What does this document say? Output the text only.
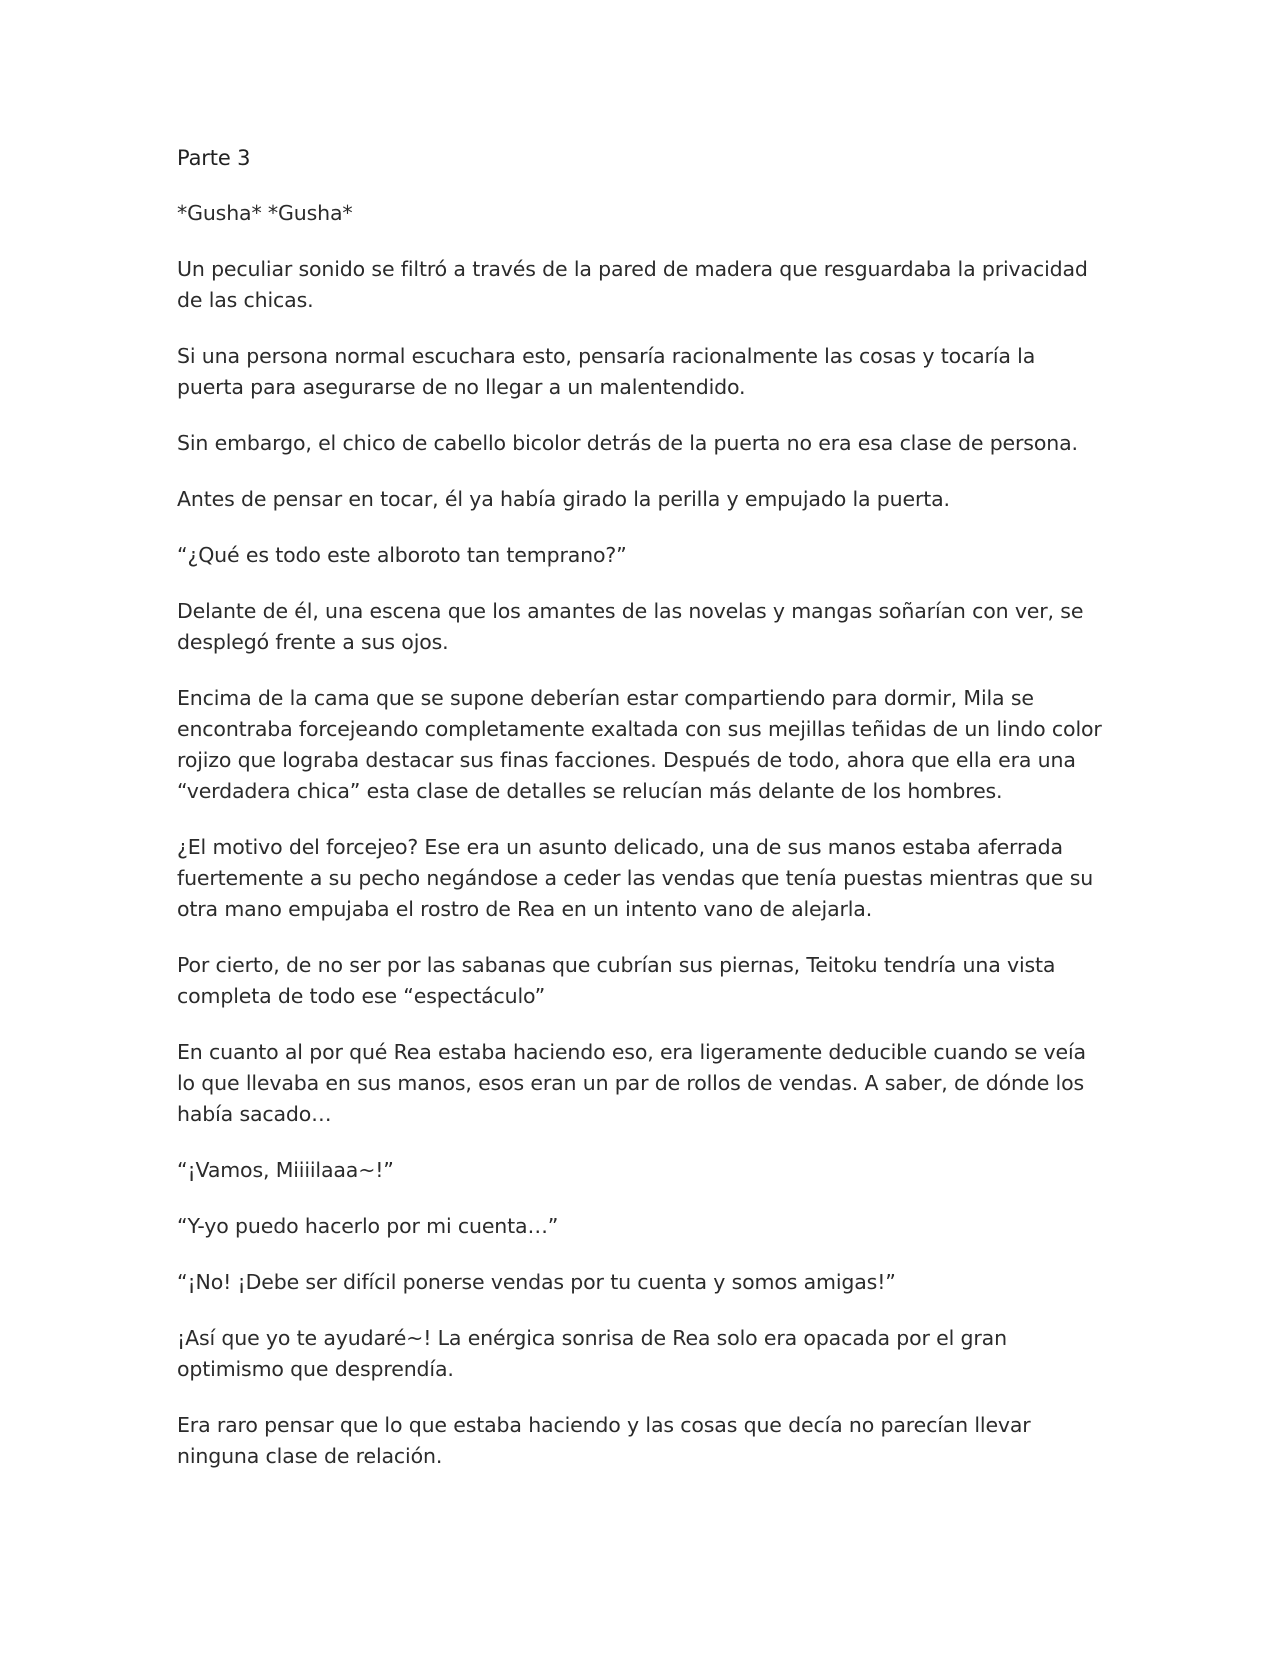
Parte 3

*Gusha* *Gusha*

Un peculiar sonido se filtró a través de la pared de madera que resguardaba la privacidad de las chicas.

Si una persona normal escuchara esto, pensaría racionalmente las cosas y tocaría la puerta para asegurarse de no llegar a un malentendido.

Sin embargo, el chico de cabello bicolor detrás de la puerta no era esa clase de persona.

Antes de pensar en tocar, él ya había girado la perilla y empujado la puerta.

“¿Qué es todo este alboroto tan temprano?”

Delante de él, una escena que los amantes de las novelas y mangas soñarían con ver, se desplegó frente a sus ojos.

Encima de la cama que se supone deberían estar compartiendo para dormir, Mila se encontraba forcejeando completamente exaltada con sus mejillas teñidas de un lindo color rojizo que lograba destacar sus finas facciones. Después de todo, ahora que ella era una “verdadera chica” esta clase de detalles se relucían más delante de los hombres.

¿El motivo del forcejeo? Ese era un asunto delicado, una de sus manos estaba aferrada fuertemente a su pecho negándose a ceder las vendas que tenía puestas mientras que su otra mano empujaba el rostro de Rea en un intento vano de alejarla.

Por cierto, de no ser por las sabanas que cubrían sus piernas, Teitoku tendría una vista completa de todo ese “espectáculo”

En cuanto al por qué Rea estaba haciendo eso, era ligeramente deducible cuando se veía lo que llevaba en sus manos, esos eran un par de rollos de vendas. A saber, de dónde los había sacado…

“¡Vamos, Miiiilaaa~!”

“Y-yo puedo hacerlo por mi cuenta…”

“¡No! ¡Debe ser difícil ponerse vendas por tu cuenta y somos amigas!”

¡Así que yo te ayudaré~! La enérgica sonrisa de Rea solo era opacada por el gran optimismo que desprendía.

Era raro pensar que lo que estaba haciendo y las cosas que decía no parecían llevar ninguna clase de relación.
